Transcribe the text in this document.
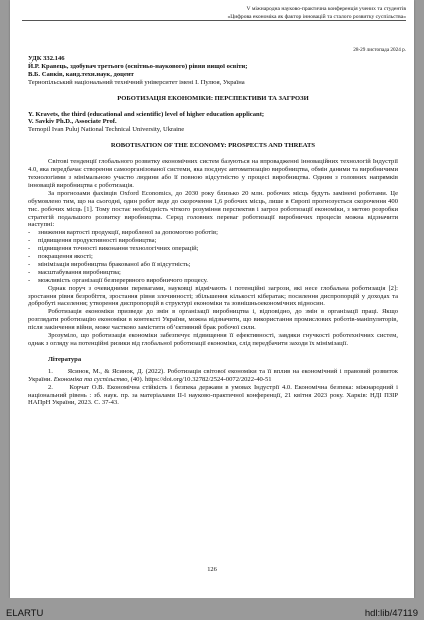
V міжнародна науково-практична конференція учених та студентів
«Цифрова економіка як фактор інновацій та сталого розвитку суспільства»
28-29 листопада 2024 р.

УДК 332.146

Й.Р. Кравець, здобувач третього (освітньо-наукового) рівня вищої освіти;

В.Б. Савків, канд.техн.наук, доцент

Тернопільський національний технічний університет імені І. Пулюя, Україна

РОБОТИЗАЦІЯ ЕКОНОМІКИ: ПЕРСПЕКТИВИ ТА ЗАГРОЗИ

Y. Kravets, the third (educational and scientific) level of higher education applicant;

V. Savkiv Ph.D., Associate Prof.

Ternopil Ivan Puluj National Technical University, Ukraine

ROBOTISATION OF THE ECONOMY: PROSPECTS AND THREATS

Світові тенденції глобального розвитку економічних систем базуються на впровадженні інноваційних технологій Індустрії 4.0, яка передбачає створення самоорганізованої системи, яка поєднує автоматизацію виробництва, обмін даними та виробничими технологіями з мінімальною участю людини або її повною відсутністю у процесі виробництва. Одним з головних напрямків інновацій виробництва є роботизація.

За прогнозами фахівців Oxford Economics, до 2030 року близько 20 млн. робочих місць будуть замінені роботами. Це обумовлено тим, що на сьогодні, один робот веде до скорочення 1,6 робочих місць, лише в Європі прогнозується скорочення 400 тис. робочих місць [1]. Тому постає необхідність чіткого розуміння перспектив і загроз роботизації економіки, з метою розробки стратегій подальшого розвитку виробництва. Серед головних переваг роботизації виробничих процесів можна відзначити наступні:

-	зниження вартості продукції, виробленої за допомогою роботів;
-	підвищення продуктивності виробництва;
-	підвищення точності виконання технологічних операцій;
-	покращення якості;
-	мінімізація виробництва бракованої або її відсутність;
-	масштабування виробництва;
-	можливість організації безперервного виробничого процесу.

Однак поруч з очевидними перевагами, науковці відмічають і потенційні загрози, які несе глобальна роботизація [2]: зростання рівня безробіття, зростання рівня злочинності; збільшення кількості кібератак; посилення диспропорцій у доходах та добробуті населення; утворення диспропорцій в структурі економіки та зовнішньоекономічних відносин.

Роботизація економіки призведе до змін в організації виробництва і, відповідно, до змін в організації праці. Якщо розглядати роботизацію економіки в контексті України, можна відзначити, що використання промислових роботів-маніпуляторів, після закінчення війни, може частково замістити об’єктивний брак робочої сили.

Зрозуміло, що роботизація економіки забезпечує підвищення її ефективності, завдяки гнучкості роботехнічних систем, однак з огляду на потенційні ризики від глобальної роботизації економіки, слід передбачити заходи їх мінімізації.

Література

1.      Ясинок, М., & Ясинок, Д. (2022). Роботизація світової економіки та її вплив на економічний і правовий розвиток України. Економіка та суспільство, (40). https://doi.org/10.32782/2524-0072/2022-40-51

2.      Корчат О.В. Економічна стійкість і безпека держави в умовах Індустрії 4.0. Економічна безпека: міжнародний і національний рівень : зб. наук. пр. за матеріалами ІІ-ї науково-практичної конференції, 21 квітня 2023 року. Харків: НДІ ПЗІР НАПрН України, 2023. С. 37-43.

126
ELARTU	hdl:lib/47119
